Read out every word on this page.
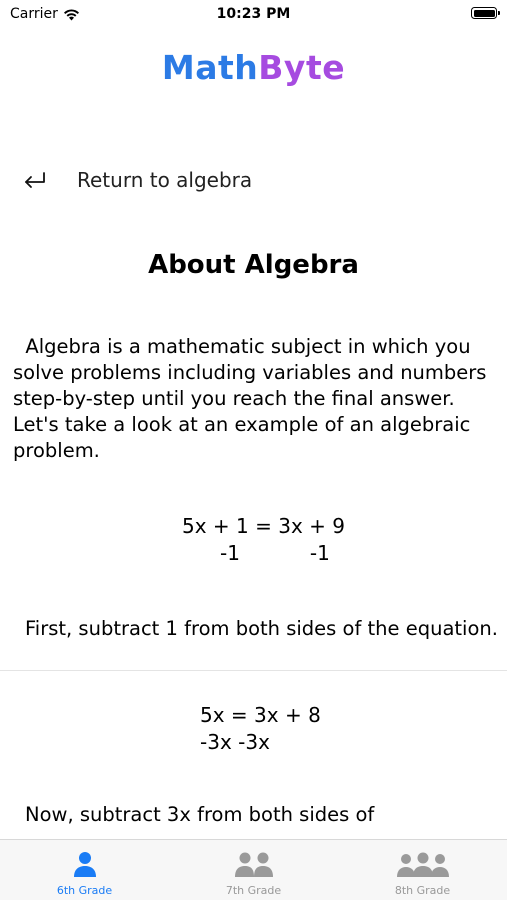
Carrier	10:23 PM
MathByte
Return to algebra
About Algebra

Algebra is a mathematic subject in which you solve problems including variables and numbers step-by-step until you reach the final answer. Let's take a look at an example of an algebraic problem.

5x + 1 = 3x + 9
-1           -1
First, subtract 1 from both sides of the equation.
5x = 3x + 8
-3x -3x
Now, subtract 3x from both sides of
6th Grade	7th Grade	8th Grade
